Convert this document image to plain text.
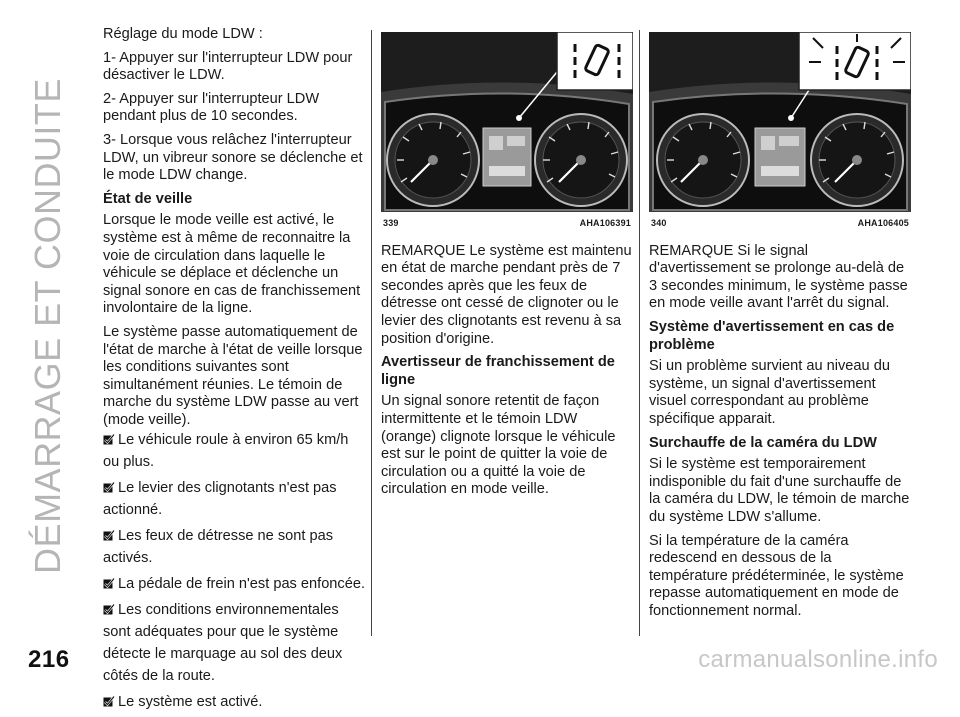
DÉMARRAGE ET CONDUITE

Réglage du mode LDW :

1- Appuyer sur l'interrupteur LDW pour désactiver le LDW.

2- Appuyer sur l'interrupteur LDW pendant plus de 10 secondes.

3- Lorsque vous relâchez l'interrupteur LDW, un vibreur sonore se déclenche et le mode LDW change.

État de veille

Lorsque le mode veille est activé, le système est à même de reconnaitre la voie de circulation dans laquelle le véhicule se déplace et déclenche un signal sonore en cas de franchissement involontaire de la ligne.

Le système passe automatiquement de l'état de marche à l'état de veille lorsque les conditions suivantes sont simultanément réunies. Le témoin de marche du système LDW passe au vert (mode veille).

Le véhicule roule à environ 65 km/h ou plus.
Le levier des clignotants n'est pas actionné.
Les feux de détresse ne sont pas activés.
La pédale de frein n'est pas enfoncée.
Les conditions environnementales sont adéquates pour que le système détecte le marquage au sol des deux côtés de la route.
Le système est activé.
339	AHA106391

REMARQUE Le système est maintenu en état de marche pendant près de 7 secondes après que les feux de détresse ont cessé de clignoter ou le levier des clignotants est revenu à sa position d'origine.

Avertisseur de franchissement de ligne

Un signal sonore retentit de façon intermittente et le témoin LDW (orange) clignote lorsque le véhicule est sur le point de quitter la voie de circulation ou a quitté la voie de circulation en mode veille.

340	AHA106405

REMARQUE Si le signal d'avertissement se prolonge au-delà de 3 secondes minimum, le système passe en mode veille avant l'arrêt du signal.

Système d'avertissement en cas de problème

Si un problème survient au niveau du système, un signal d'avertissement visuel correspondant au problème spécifique apparait.

Surchauffe de la caméra du LDW

Si le système est temporairement indisponible du fait d'une surchauffe de la caméra du LDW, le témoin de marche du système LDW s'allume.

Si la température de la caméra redescend en dessous de la température prédéterminée, le système repasse automatiquement en mode de fonctionnement normal.

216	carmanualsonline.info
